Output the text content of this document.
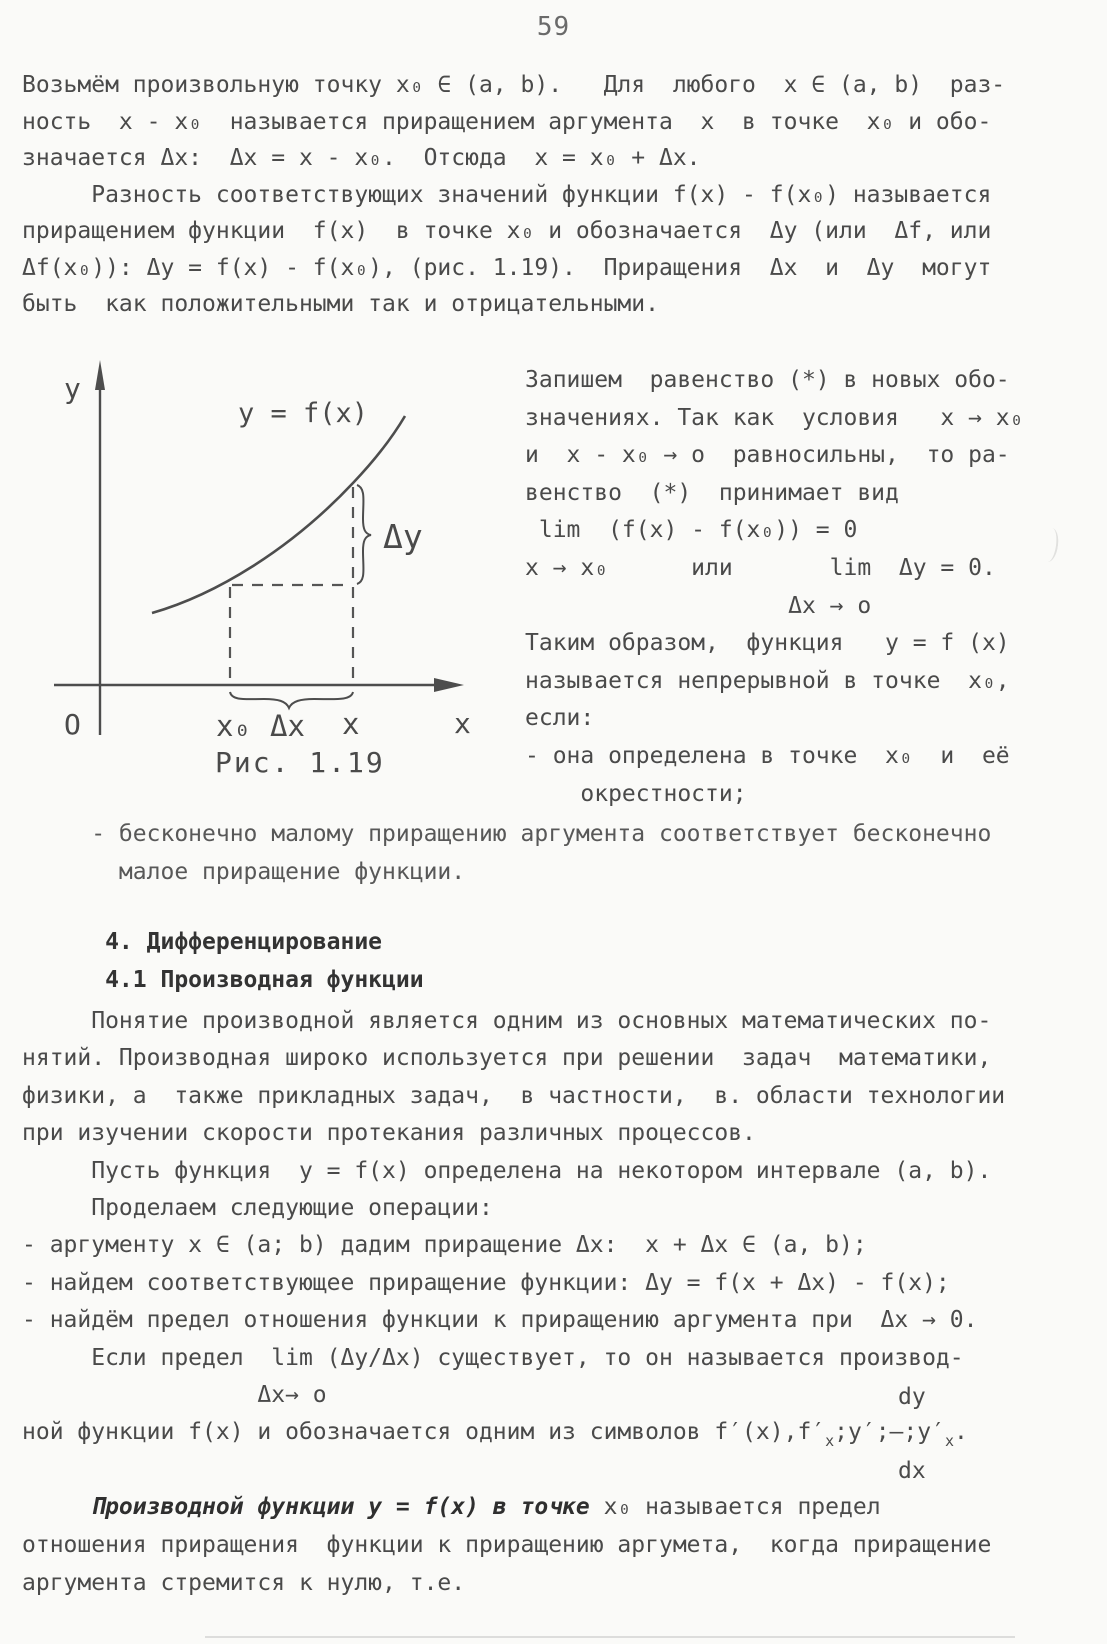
59
Возьмём произвольную точку x₀ ∈ (a, b).   Для  любого  x ∈ (a, b)  раз-
ность  x - x₀  называется приращением аргумента  x  в точке  x₀ и обо-
значается Δx:  Δx = x - x₀.  Отсюда  x = x₀ + Δx.
Разность соответствующих значений функции f(x) - f(x₀) называется
приращением функции  f(x)  в точке x₀ и обозначается  Δy (или  Δf, или
Δf(x₀)): Δy = f(x) - f(x₀), (рис. 1.19).  Приращения  Δx  и  Δy  могут
быть  как положительными так и отрицательными.
y
y = f(x)
Δy
O	x₀ Δx x	x
Рис. 1.19
Запишем  равенство (*) в новых обо-
значениях. Так как  условия   x → x₀
и  x - x₀ → о  равносильны,  то ра-
венство  (*)  принимает вид
lim  (f(x) - f(x₀)) = 0
x → x₀      или       lim  Δy = 0.
Δx → о
Таким образом,  функция   y = f (x)
называется непрерывной в точке  x₀,
если:
- она определена в точке  x₀  и  её
окрестности;
- бесконечно малому приращению аргумента соответствует бесконечно
малое приращение функции.
4. Дифференцирование
4.1 Производная функции
Понятие производной является одним из основных математических по-
нятий. Производная широко используется при решении  задач  математики,
физики, а  также прикладных задач,  в частности,  в. области технологии
при изучении скорости протекания различных процессов.
Пусть функция  y = f(x) определена на некотором интервале (a, b).
Проделаем следующие операции:
- аргументу x ∈ (a; b) дадим приращение Δx:  x + Δx ∈ (a, b);
- найдем соответствующее приращение функции: Δy = f(x + Δx) - f(x);
- найдём предел отношения функции к приращению аргумента при  Δx → 0.
Если предел  lim (Δy/Δx) существует, то он называется производ-
Δx→ о
ной функции f(x) и обозначается одним из символов $f'(x),f'_x;y';—;y'_x$.
dy
dx
Производной функции y = f(x) в точке x₀ называется предел
отношения приращения  функции к приращению аргумета,  когда приращение
аргумента стремится к нулю, т.е.
